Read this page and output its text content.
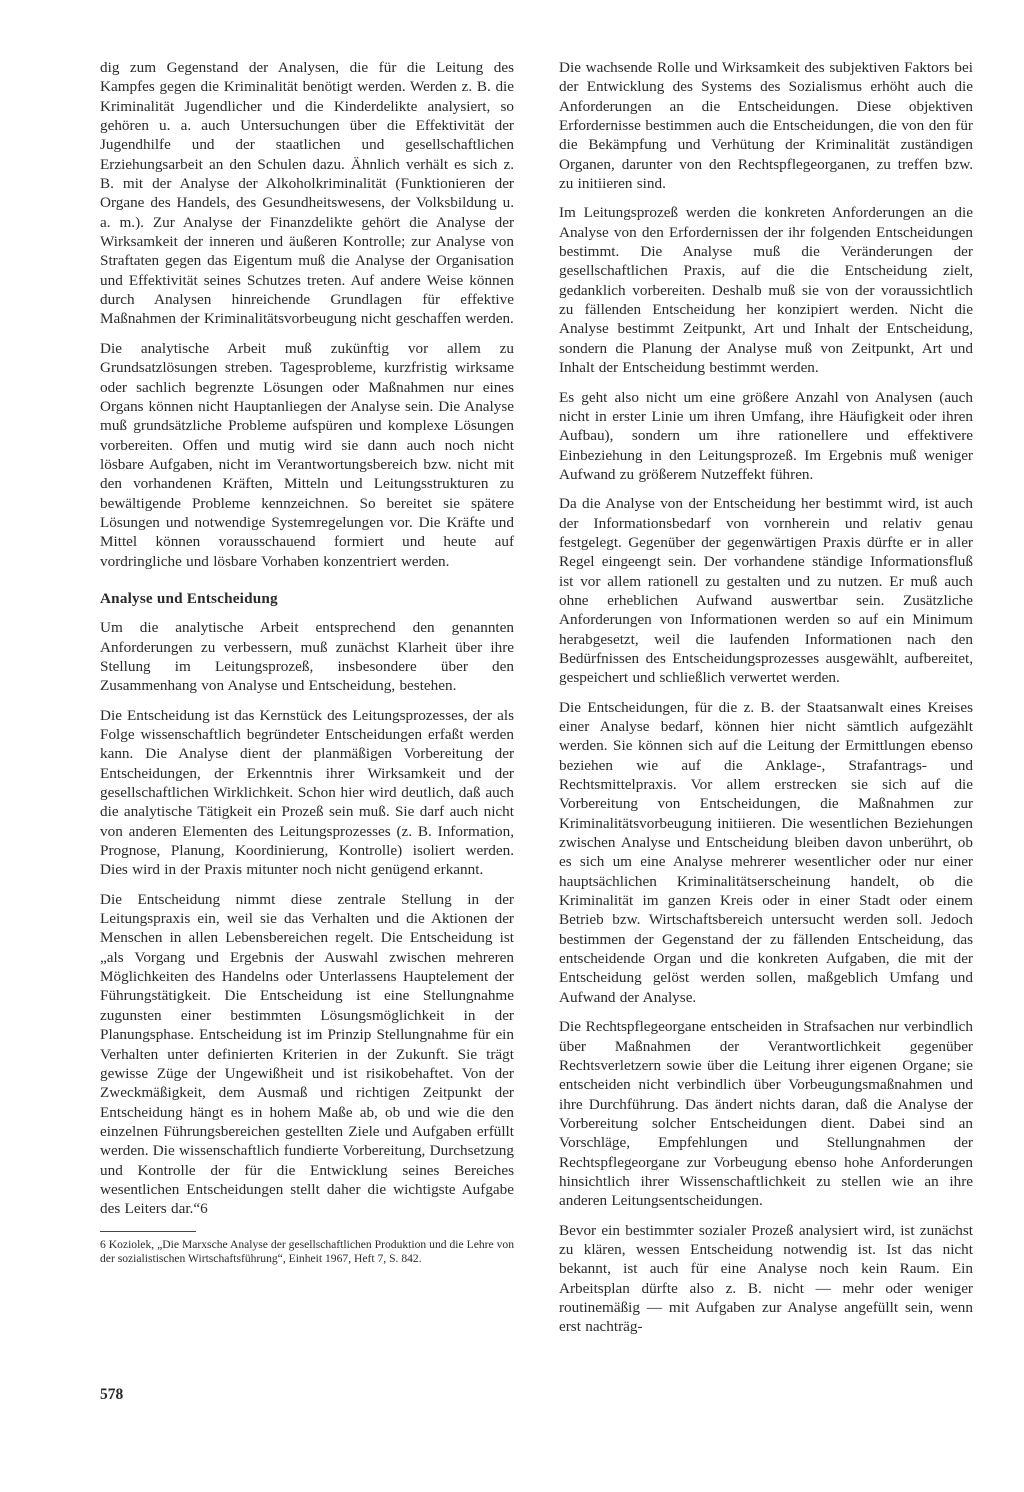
dig zum Gegenstand der Analysen, die für die Leitung des Kampfes gegen die Kriminalität benötigt werden. Werden z. B. die Kriminalität Jugendlicher und die Kinderdelikte analysiert, so gehören u. a. auch Untersuchungen über die Effektivität der Jugendhilfe und der staatlichen und gesellschaftlichen Erziehungsarbeit an den Schulen dazu. Ähnlich verhält es sich z. B. mit der Analyse der Alkoholkriminalität (Funktionieren der Organe des Handels, des Gesundheitswesens, der Volksbildung u. a. m.). Zur Analyse der Finanzdelikte gehört die Analyse der Wirksamkeit der inneren und äußeren Kontrolle; zur Analyse von Straftaten gegen das Eigentum muß die Analyse der Organisation und Effektivität seines Schutzes treten. Auf andere Weise können durch Analysen hinreichende Grundlagen für effektive Maßnahmen der Kriminalitätsvorbeugung nicht geschaffen werden.

Die analytische Arbeit muß zukünftig vor allem zu Grundsatzlösungen streben. Tagesprobleme, kurzfristig wirksame oder sachlich begrenzte Lösungen oder Maßnahmen nur eines Organs können nicht Hauptanliegen der Analyse sein. Die Analyse muß grundsätzliche Probleme aufspüren und komplexe Lösungen vorbereiten. Offen und mutig wird sie dann auch noch nicht lösbare Aufgaben, nicht im Verantwortungsbereich bzw. nicht mit den vorhandenen Kräften, Mitteln und Leitungsstrukturen zu bewältigende Probleme kennzeichnen. So bereitet sie spätere Lösungen und notwendige Systemregelungen vor. Die Kräfte und Mittel können vorausschauend formiert und heute auf vordringliche und lösbare Vorhaben konzentriert werden.

Analyse und Entscheidung

Um die analytische Arbeit entsprechend den genannten Anforderungen zu verbessern, muß zunächst Klarheit über ihre Stellung im Leitungsprozeß, insbesondere über den Zusammenhang von Analyse und Entscheidung, bestehen.

Die Entscheidung ist das Kernstück des Leitungsprozesses, der als Folge wissenschaftlich begründeter Entscheidungen erfaßt werden kann. Die Analyse dient der planmäßigen Vorbereitung der Entscheidungen, der Erkenntnis ihrer Wirksamkeit und der gesellschaftlichen Wirklichkeit. Schon hier wird deutlich, daß auch die analytische Tätigkeit ein Prozeß sein muß. Sie darf auch nicht von anderen Elementen des Leitungsprozesses (z. B. Information, Prognose, Planung, Koordinierung, Kontrolle) isoliert werden. Dies wird in der Praxis mitunter noch nicht genügend erkannt.

Die Entscheidung nimmt diese zentrale Stellung in der Leitungspraxis ein, weil sie das Verhalten und die Aktionen der Menschen in allen Lebensbereichen regelt. Die Entscheidung ist „als Vorgang und Ergebnis der Auswahl zwischen mehreren Möglichkeiten des Handelns oder Unterlassens Hauptelement der Führungstätigkeit. Die Entscheidung ist eine Stellungnahme zugunsten einer bestimmten Lösungsmöglichkeit in der Planungsphase. Entscheidung ist im Prinzip Stellungnahme für ein Verhalten unter definierten Kriterien in der Zukunft. Sie trägt gewisse Züge der Ungewißheit und ist risikobehaftet. Von der Zweckmäßigkeit, dem Ausmaß und richtigen Zeitpunkt der Entscheidung hängt es in hohem Maße ab, ob und wie die den einzelnen Führungsbereichen gestellten Ziele und Aufgaben erfüllt werden. Die wissenschaftlich fundierte Vorbereitung, Durchsetzung und Kontrolle der für die Entwicklung seines Bereiches wesentlichen Entscheidungen stellt daher die wichtigste Aufgabe des Leiters dar.“6

6 Koziolek, „Die Marxsche Analyse der gesellschaftlichen Produktion und die Lehre von der sozialistischen Wirtschaftsführung“, Einheit 1967, Heft 7, S. 842.

Die wachsende Rolle und Wirksamkeit des subjektiven Faktors bei der Entwicklung des Systems des Sozialismus erhöht auch die Anforderungen an die Entscheidungen. Diese objektiven Erfordernisse bestimmen auch die Entscheidungen, die von den für die Bekämpfung und Verhütung der Kriminalität zuständigen Organen, darunter von den Rechtspflegeorganen, zu treffen bzw. zu initiieren sind.

Im Leitungsprozeß werden die konkreten Anforderungen an die Analyse von den Erfordernissen der ihr folgenden Entscheidungen bestimmt. Die Analyse muß die Veränderungen der gesellschaftlichen Praxis, auf die die Entscheidung zielt, gedanklich vorbereiten. Deshalb muß sie von der voraussichtlich zu fällenden Entscheidung her konzipiert werden. Nicht die Analyse bestimmt Zeitpunkt, Art und Inhalt der Entscheidung, sondern die Planung der Analyse muß von Zeitpunkt, Art und Inhalt der Entscheidung bestimmt werden.

Es geht also nicht um eine größere Anzahl von Analysen (auch nicht in erster Linie um ihren Umfang, ihre Häufigkeit oder ihren Aufbau), sondern um ihre rationellere und effektivere Einbeziehung in den Leitungsprozeß. Im Ergebnis muß weniger Aufwand zu größerem Nutzeffekt führen.

Da die Analyse von der Entscheidung her bestimmt wird, ist auch der Informationsbedarf von vornherein und relativ genau festgelegt. Gegenüber der gegenwärtigen Praxis dürfte er in aller Regel eingeengt sein. Der vorhandene ständige Informationsfluß ist vor allem rationell zu gestalten und zu nutzen. Er muß auch ohne erheblichen Aufwand auswertbar sein. Zusätzliche Anforderungen von Informationen werden so auf ein Minimum herabgesetzt, weil die laufenden Informationen nach den Bedürfnissen des Entscheidungsprozesses ausgewählt, aufbereitet, gespeichert und schließlich verwertet werden.

Die Entscheidungen, für die z. B. der Staatsanwalt eines Kreises einer Analyse bedarf, können hier nicht sämtlich aufgezählt werden. Sie können sich auf die Leitung der Ermittlungen ebenso beziehen wie auf die Anklage-, Strafantrags- und Rechtsmittelpraxis. Vor allem erstrecken sie sich auf die Vorbereitung von Entscheidungen, die Maßnahmen zur Kriminalitätsvorbeugung initiieren. Die wesentlichen Beziehungen zwischen Analyse und Entscheidung bleiben davon unberührt, ob es sich um eine Analyse mehrerer wesentlicher oder nur einer hauptsächlichen Kriminalitätserscheinung handelt, ob die Kriminalität im ganzen Kreis oder in einer Stadt oder einem Betrieb bzw. Wirtschaftsbereich untersucht werden soll. Jedoch bestimmen der Gegenstand der zu fällenden Entscheidung, das entscheidende Organ und die konkreten Aufgaben, die mit der Entscheidung gelöst werden sollen, maßgeblich Umfang und Aufwand der Analyse.

Die Rechtspflegeorgane entscheiden in Strafsachen nur verbindlich über Maßnahmen der Verantwortlichkeit gegenüber Rechtsverletzern sowie über die Leitung ihrer eigenen Organe; sie entscheiden nicht verbindlich über Vorbeugungsmaßnahmen und ihre Durchführung. Das ändert nichts daran, daß die Analyse der Vorbereitung solcher Entscheidungen dient. Dabei sind an Vorschläge, Empfehlungen und Stellungnahmen der Rechtspflegeorgane zur Vorbeugung ebenso hohe Anforderungen hinsichtlich ihrer Wissenschaftlichkeit zu stellen wie an ihre anderen Leitungsentscheidungen.

Bevor ein bestimmter sozialer Prozeß analysiert wird, ist zunächst zu klären, wessen Entscheidung notwendig ist. Ist das nicht bekannt, ist auch für eine Analyse noch kein Raum. Ein Arbeitsplan dürfte also z. B. nicht — mehr oder weniger routinemäßig — mit Aufgaben zur Analyse angefüllt sein, wenn erst nachträg-

578
